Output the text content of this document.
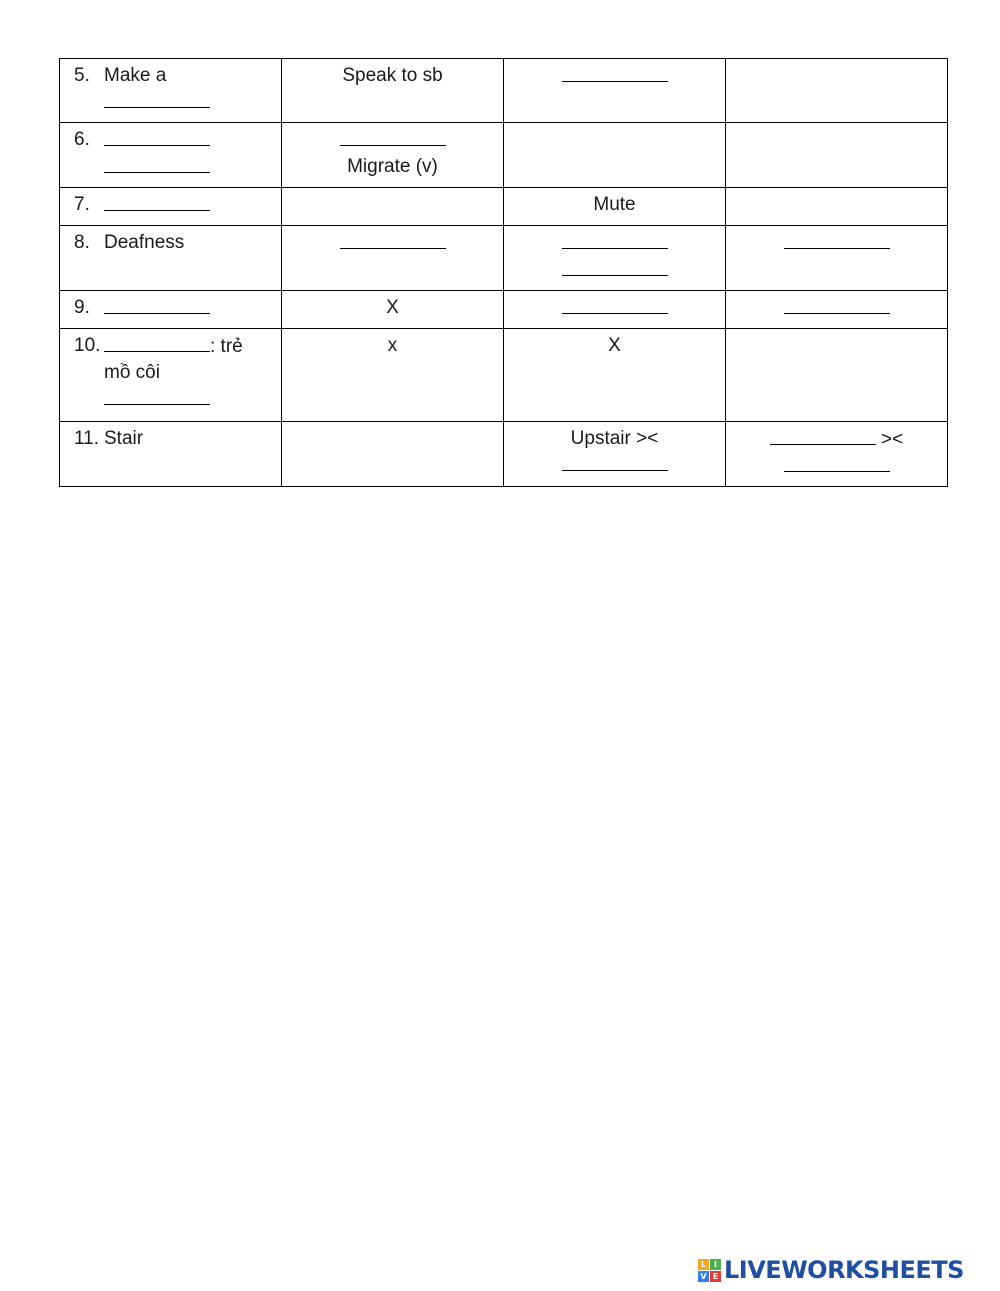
5. Make a	Speak to sb		

6.	Migrate (v)		

7.		Mute	

8. Deafness			

9.	X		

10. : trẻ
mồ côi	x	X	

11. Stair		Upstair ><	><
L I
V E LIVEWORKSHEETS
